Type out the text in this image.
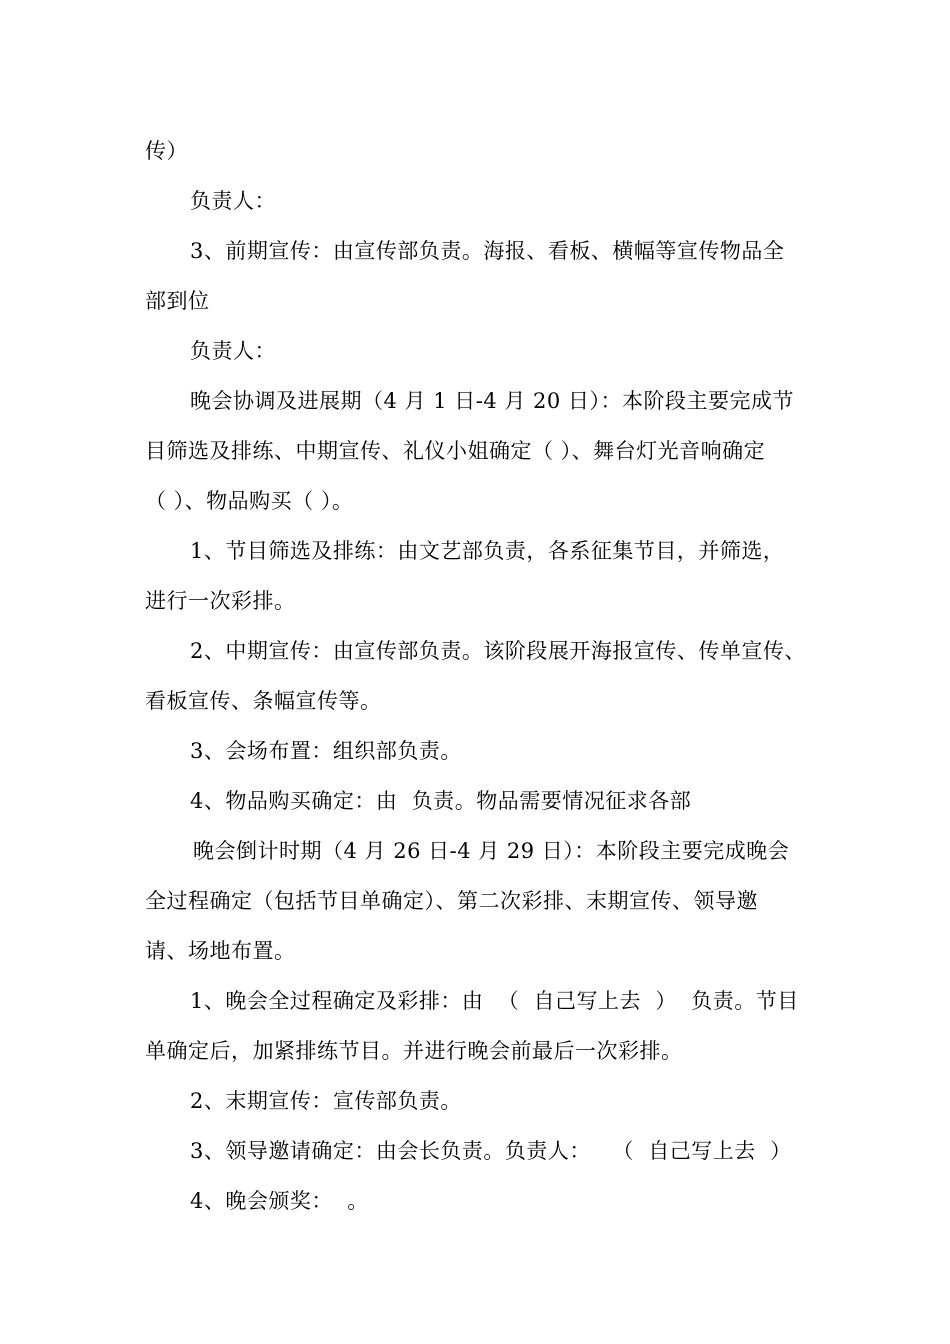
传）
负责人：
3、前期宣传：由宣传部负责。海报、看板、横幅等宣传物品全
部到位
负责人：
晚会协调及进展期（4 月 1 日-4 月 20 日）：本阶段主要完成节
目筛选及排练、中期宣传、礼仪小姐确定（ ）、舞台灯光音响确定
（ ）、物品购买（ ）。
1、节目筛选及排练：由文艺部负责，各系征集节目，并筛选，
进行一次彩排。
2、中期宣传：由宣传部负责。该阶段展开海报宣传、传单宣传、
看板宣传、条幅宣传等。
3、会场布置：组织部负责。
4、物品购买确定：由  负责。物品需要情况征求各部
晚会倒计时期（4 月 26 日-4 月 29 日）：本阶段主要完成晚会
全过程确定（包括节目单确定）、第二次彩排、末期宣传、领导邀
请、场地布置。
1、晚会全过程确定及彩排：由  （  自己写上去  ）  负责。节目
单确定后，加紧排练节目。并进行晚会前最后一次彩排。
2、末期宣传：宣传部负责。
3、领导邀请确定：由会长负责。负责人：   （  自己写上去  ）
4、晚会颁奖：  。
